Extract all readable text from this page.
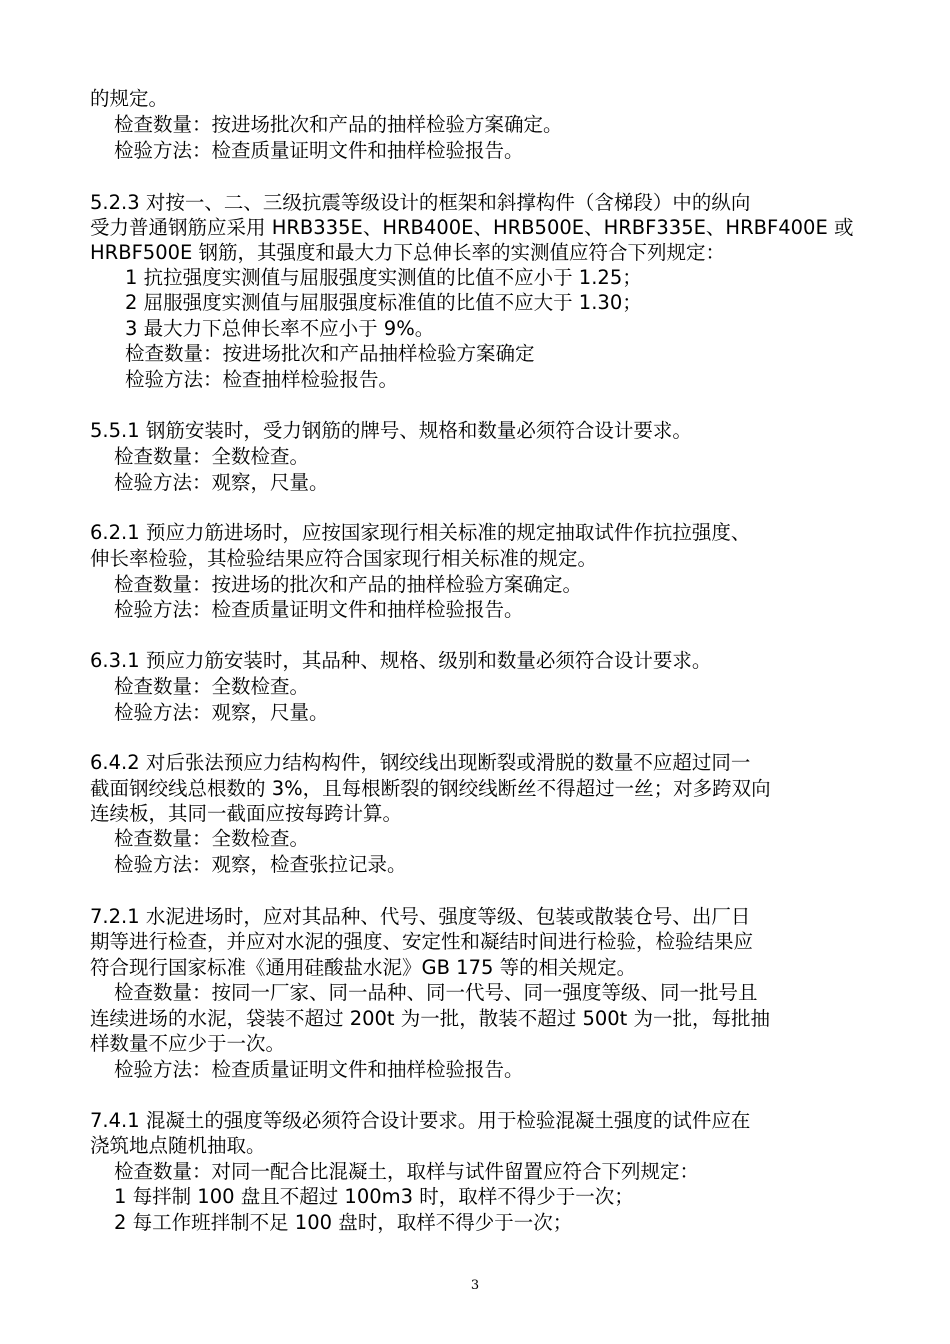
的规定。
检查数量：按进场批次和产品的抽样检验方案确定。
检验方法：检查质量证明文件和抽样检验报告。
5.2.3 对按一、二、三级抗震等级设计的框架和斜撑构件（含梯段）中的纵向
受力普通钢筋应采用 HRB335E、HRB400E、HRB500E、HRBF335E、HRBF400E 或
HRBF500E 钢筋，其强度和最大力下总伸长率的实测值应符合下列规定：
1 抗拉强度实测值与屈服强度实测值的比值不应小于 1.25；
2 屈服强度实测值与屈服强度标准值的比值不应大于 1.30；
3 最大力下总伸长率不应小于 9%。
检查数量：按进场批次和产品抽样检验方案确定
检验方法：检查抽样检验报告。
5.5.1 钢筋安装时，受力钢筋的牌号、规格和数量必须符合设计要求。
检查数量：全数检查。
检验方法：观察，尺量。
6.2.1 预应力筋进场时，应按国家现行相关标准的规定抽取试件作抗拉强度、
伸长率检验，其检验结果应符合国家现行相关标准的规定。
检查数量：按进场的批次和产品的抽样检验方案确定。
检验方法：检查质量证明文件和抽样检验报告。
6.3.1 预应力筋安装时，其品种、规格、级别和数量必须符合设计要求。
检查数量：全数检查。
检验方法：观察，尺量。
6.4.2 对后张法预应力结构构件，钢绞线出现断裂或滑脱的数量不应超过同一
截面钢绞线总根数的 3%，且每根断裂的钢绞线断丝不得超过一丝；对多跨双向
连续板，其同一截面应按每跨计算。
检查数量：全数检查。
检验方法：观察，检查张拉记录。
7.2.1 水泥进场时，应对其品种、代号、强度等级、包装或散装仓号、出厂日
期等进行检查，并应对水泥的强度、安定性和凝结时间进行检验，检验结果应
符合现行国家标准《通用硅酸盐水泥》GB 175 等的相关规定。
检查数量：按同一厂家、同一品种、同一代号、同一强度等级、同一批号且
连续进场的水泥，袋装不超过 200t 为一批，散装不超过 500t 为一批，每批抽
样数量不应少于一次。
检验方法：检查质量证明文件和抽样检验报告。
7.4.1 混凝土的强度等级必须符合设计要求。用于检验混凝土强度的试件应在
浇筑地点随机抽取。
检查数量：对同一配合比混凝土，取样与试件留置应符合下列规定：
1 每拌制 100 盘且不超过 100m3 时，取样不得少于一次；
2 每工作班拌制不足 100 盘时，取样不得少于一次；
3
